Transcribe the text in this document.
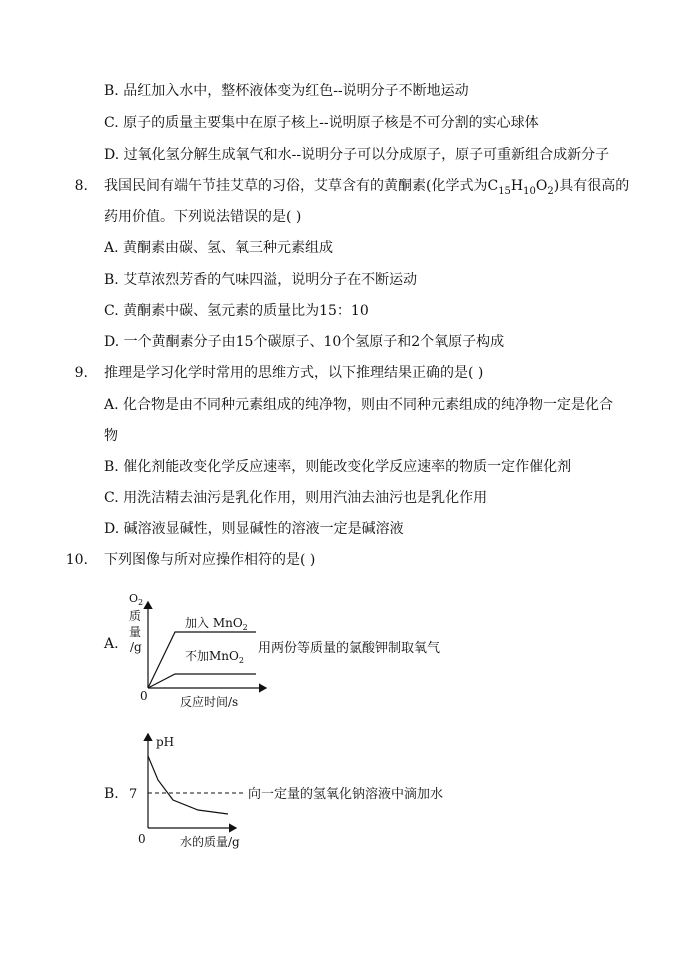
B. 品红加入水中，整杯液体变为红色--说明分子不断地运动
C. 原子的质量主要集中在原子核上--说明原子核是不可分割的实心球体
D. 过氧化氢分解生成氧气和水--说明分子可以分成原子，原子可重新组合成新分子
8. 我国民间有端午节挂艾草的习俗，艾草含有的黄酮素(化学式为$C_{15}H_{10}O_2$)具有很高的
药用价值。下列说法错误的是( )
A. 黄酮素由碳、氢、氧三种元素组成
B. 艾草浓烈芳香的气味四溢，说明分子在不断运动
C. 黄酮素中碳、氢元素的质量比为15：10
D. 一个黄酮素分子由15个碳原子、10个氢原子和2个氧原子构成
9. 推理是学习化学时常用的思维方式，以下推理结果正确的是( )
A. 化合物是由不同种元素组成的纯净物，则由不同种元素组成的纯净物一定是化合
物
B. 催化剂能改变化学反应速率，则能改变化学反应速率的物质一定作催化剂
C. 用洗洁精去油污是乳化作用，则用汽油去油污也是乳化作用
D. 碱溶液显碱性，则显碱性的溶液一定是碱溶液
10. 下列图像与所对应操作相符的是( )
A.
$O_2$
质
量
/g
0	反应时间/s
加入 MnO$_2$
不加MnO$_2$
用两份等质量的氯酸钾制取氧气
B.
pH
7
0	水的质量/g
向一定量的氢氧化钠溶液中滴加水
